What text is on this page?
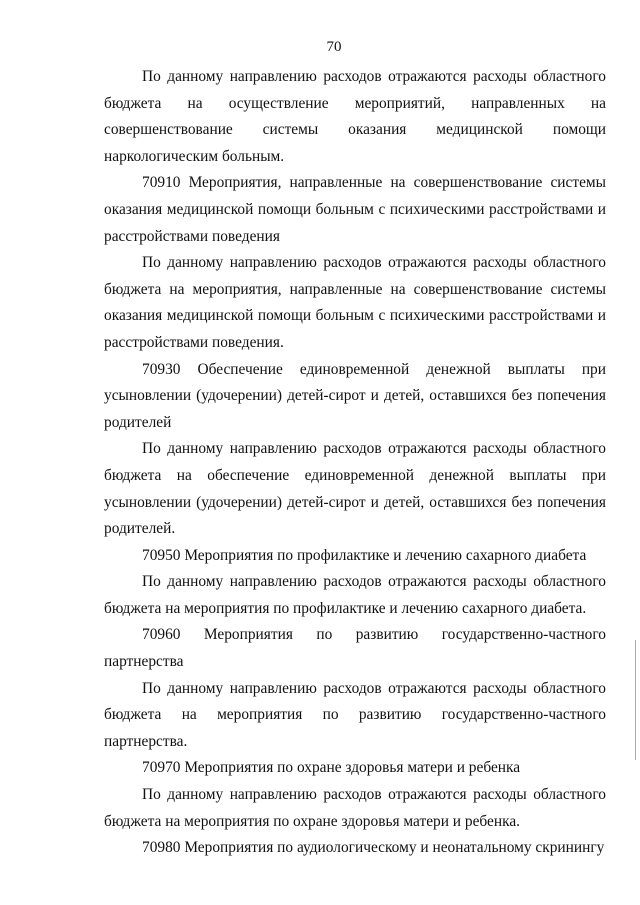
70

По данному направлению расходов отражаются расходы областного бюджета на осуществление мероприятий, направленных на совершенствование системы оказания медицинской помощи наркологическим больным.

70910 Мероприятия, направленные на совершенствование системы оказания медицинской помощи больным с психическими расстройствами и расстройствами поведения

По данному направлению расходов отражаются расходы областного бюджета на мероприятия, направленные на совершенствование системы оказания медицинской помощи больным с психическими расстройствами и расстройствами поведения.

70930 Обеспечение единовременной денежной выплаты при усыновлении (удочерении) детей-сирот и детей, оставшихся без попечения родителей

По данному направлению расходов отражаются расходы областного бюджета на обеспечение единовременной денежной выплаты при усыновлении (удочерении) детей-сирот и детей, оставшихся без попечения родителей.

70950 Мероприятия по профилактике и лечению сахарного диабета

По данному направлению расходов отражаются расходы областного бюджета на мероприятия по профилактике и лечению сахарного диабета.

70960 Мероприятия по развитию государственно-частного партнерства

По данному направлению расходов отражаются расходы областного бюджета на мероприятия по развитию государственно-частного партнерства.

70970 Мероприятия по охране здоровья матери и ребенка

По данному направлению расходов отражаются расходы областного бюджета на мероприятия по охране здоровья матери и ребенка.

70980 Мероприятия по аудиологическому и неонатальному скринингу
